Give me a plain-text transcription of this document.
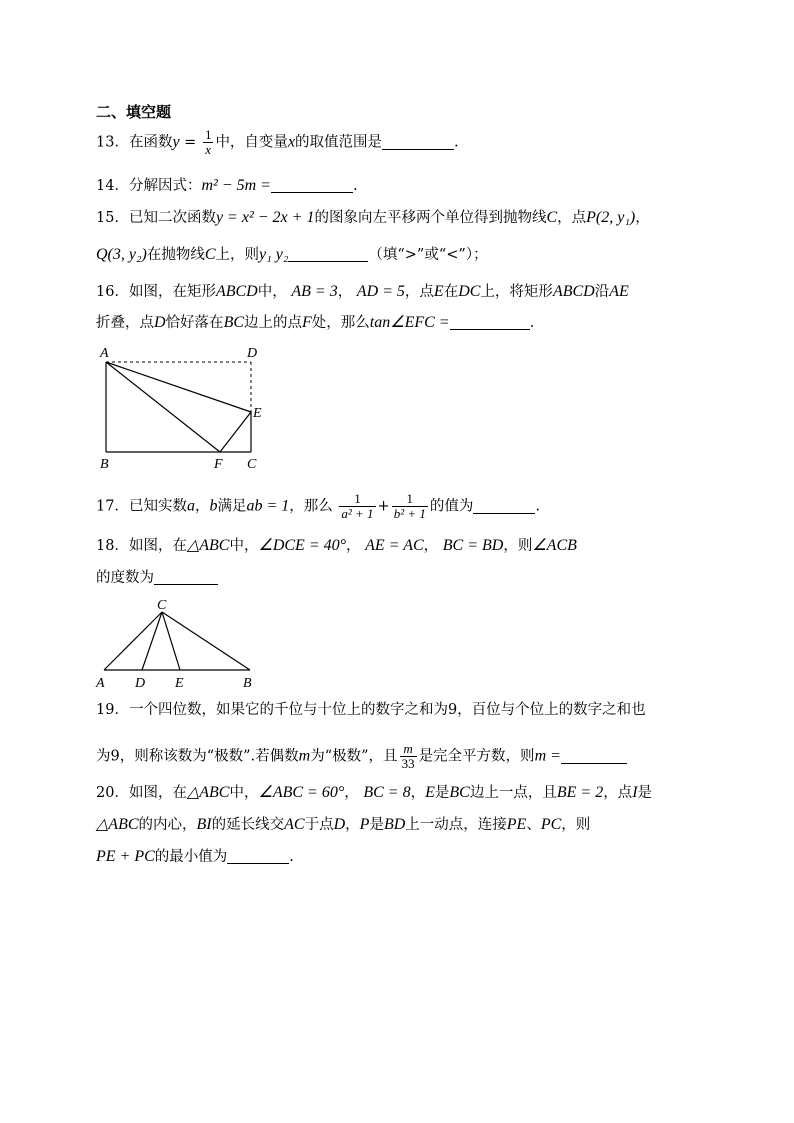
二、填空题
13．在函数$y = \frac{1}{x}$ 中，自变量x的取值范围是	.
14．分解因式：m² − 5m =	.
15．已知二次函数y = x² − 2x + 1的图象向左平移两个单位得到抛物线C，点P(2, y₁)，
Q(3, y₂)在抛物线C上，则y₁ y₂	（填“>”或“<”）；
16．如图，在矩形ABCD中， AB = 3， AD = 5，点E在DC上，将矩形ABCD沿AE
折叠，点D恰好落在BC边上的点F处，那么tan∠EFC =	.
A	D
E
B	F C
17．已知实数a，b满足ab = 1，那么 $\frac{1}{\text{a² + 1}} + \frac{1}{\text{b² + 1}}$ 的值为	.
18．如图，在△ABC中，∠DCE = 40°， AE = AC， BC = BD，则∠ACB
的度数为
C
A D E	B
19．一个四位数，如果它的千位与十位上的数字之和为9，百位与个位上的数字之和也
为9，则称该数为“极数”.若偶数m为“极数”，且 $\frac{m}{33}$ 是完全平方数，则m =
20．如图，在△ABC中，∠ABC = 60°， BC = 8，E是BC边上一点，且BE = 2，点I是
△ABC的内心，BI的延长线交AC于点D，P是BD上一动点，连接PE、PC，则
PE + PC的最小值为	.
